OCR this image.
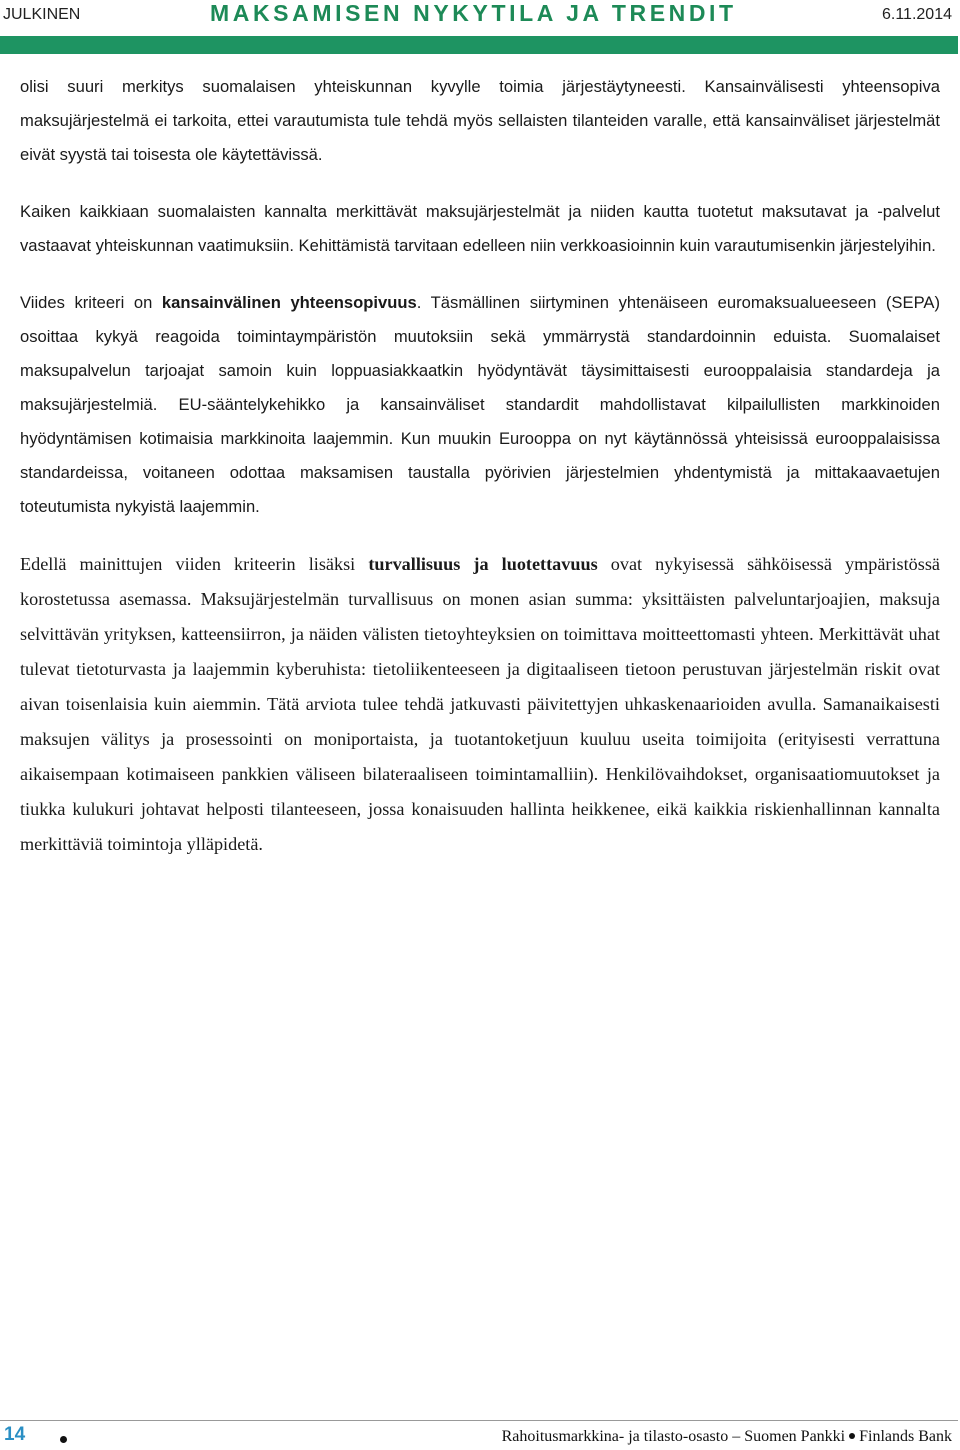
JULKINEN	MAKSAMISEN NYKYTILA JA TRENDIT	6.11.2014

olisi suuri merkitys suomalaisen yhteiskunnan kyvylle toimia järjestäytyneesti. Kansainvälisesti yhteensopiva maksujärjestelmä ei tarkoita, ettei varautumista tule tehdä myös sellaisten tilanteiden varalle, että kansainväliset järjestelmät eivät syystä tai toisesta ole käytettävissä.

Kaiken kaikkiaan suomalaisten kannalta merkittävät maksujärjestelmät ja niiden kautta tuotetut maksutavat ja -palvelut vastaavat yhteiskunnan vaatimuksiin. Kehittämistä tarvitaan edelleen niin verkkoasioinnin kuin varautumisenkin järjestelyihin.

Viides kriteeri on kansainvälinen yhteensopivuus. Täsmällinen siirtyminen yhtenäiseen euromaksualueeseen (SEPA) osoittaa kykyä reagoida toimintaympäristön muutoksiin sekä ymmärrystä standardoinnin eduista. Suomalaiset maksupalvelun tarjoajat samoin kuin loppuasiakkaatkin hyödyntävät täysimittaisesti eurooppalaisia standardeja ja maksujärjestelmiä. EU-sääntelykehikko ja kansainväliset standardit mahdollistavat kilpailullisten markkinoiden hyödyntämisen kotimaisia markkinoita laajemmin. Kun muukin Eurooppa on nyt käytännössä yhteisissä eurooppalaisissa standardeissa, voitaneen odottaa maksamisen taustalla pyörivien järjestelmien yhdentymistä ja mittakaavaetujen toteutumista nykyistä laajemmin.

Edellä mainittujen viiden kriteerin lisäksi turvallisuus ja luotettavuus ovat nykyisessä sähköisessä ympäristössä korostetussa asemassa. Maksujärjestelmän turvallisuus on monen asian summa: yksittäisten palveluntarjoajien, maksuja selvittävän yrityksen, katteensiirron, ja näiden välisten tietoyhteyksien on toimittava moitteettomasti yhteen. Merkittävät uhat tulevat tietoturvasta ja laajemmin kyberuhista: tietoliikenteeseen ja digitaaliseen tietoon perustuvan järjestelmän riskit ovat aivan toisenlaisia kuin aiemmin. Tätä arviota tulee tehdä jatkuvasti päivitettyjen uhkaskenaarioiden avulla. Samanaikaisesti maksujen välitys ja prosessointi on moniportaista, ja tuotantoketjuun kuuluu useita toimijoita (erityisesti verrattuna aikaisempaan kotimaiseen pankkien väliseen bilateraaliseen toimintamalliin). Henkilövaihdokset, organisaatiomuutokset ja tiukka kulukuri johtavat helposti tilanteeseen, jossa konaisuuden hallinta heikkenee, eikä kaikkia riskienhallinnan kannalta merkittäviä toimintoja ylläpidetä.

14	Rahoitusmarkkina- ja tilasto-osasto – Suomen Pankki Finlands Bank
